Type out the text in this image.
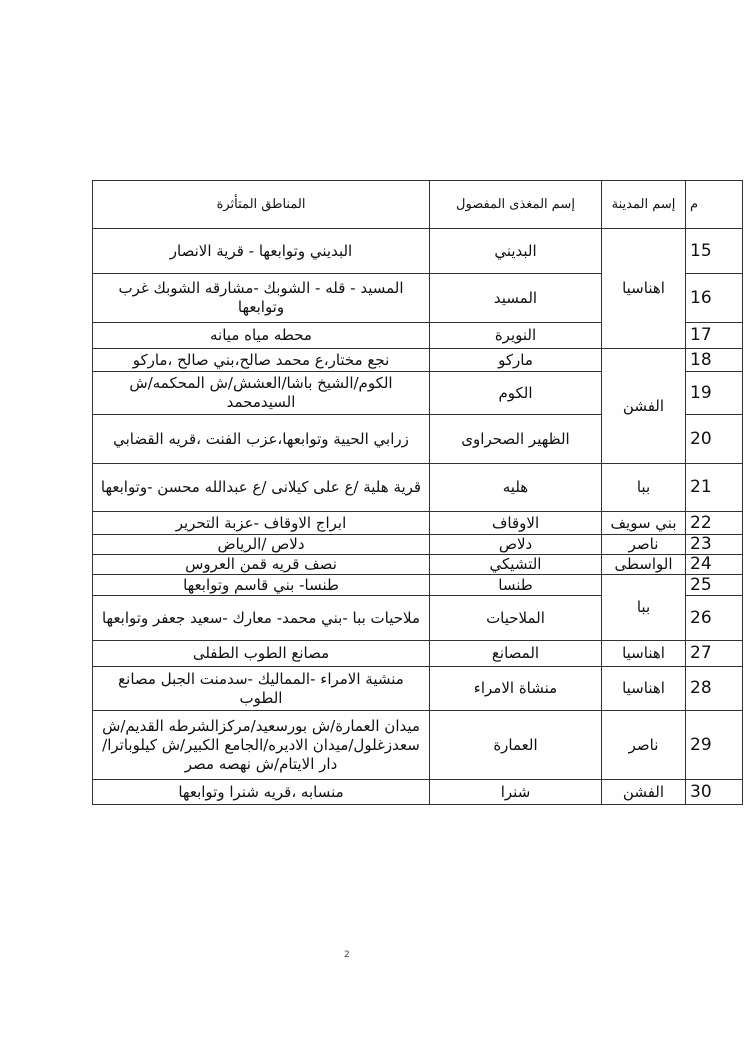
المناطق المتأثرة	إسم المغذى المفصول	إسم المدينة	م
البديني وتوابعها - قرية الانصار	البديني	اهناسيا	15
المسيد - قله - الشوبك -مشارقه الشوبك غرب وتوابعها	المسيد		16
محطه مياه ميانه	النويرة		17
نجع مختار،ع محمد صالح،بني صالح ،ماركو	ماركو	الفشن	18
الكوم/الشيخ باشا/العشش/ش المحكمه/ش السيدمحمد	الكوم		19
زرابي الحيية وتوابعها،عزب الفنت ،قريه القضابي	الظهير الصحراوى		20
قرية هلية /ع على كيلانى /ع عبدالله محسن -وتوابعها	هليه	ببا	21
ابراج الاوقاف -عزبة التحرير	الاوقاف	بني سويف	22
دلاص /الرياض	دلاص	ناصر	23
نصف قريه قمن العروس	التشيكي	الواسطى	24
طنسا- بني قاسم وتوابعها	طنسا	ببا	25
ملاحيات ببا -بني محمد- معارك -سعيد جعفر وتوابعها	الملاحيات		26
مصانع الطوب الطفلى	المصانع	اهناسيا	27
منشية الامراء -المماليك -سدمنت الجبل مصانع الطوب	منشاة الامراء	اهناسيا	28
ميدان العمارة/ش بورسعيد/مركزالشرطه القديم/ش سعدزغلول/ميدان الاديره/الجامع الكبير/ش كيلوباترا/دار الايتام/ش نهصه مصر	العمارة	ناصر	29
منسابه ،قريه شنرا وتوابعها	شنرا	الفشن	30
2
